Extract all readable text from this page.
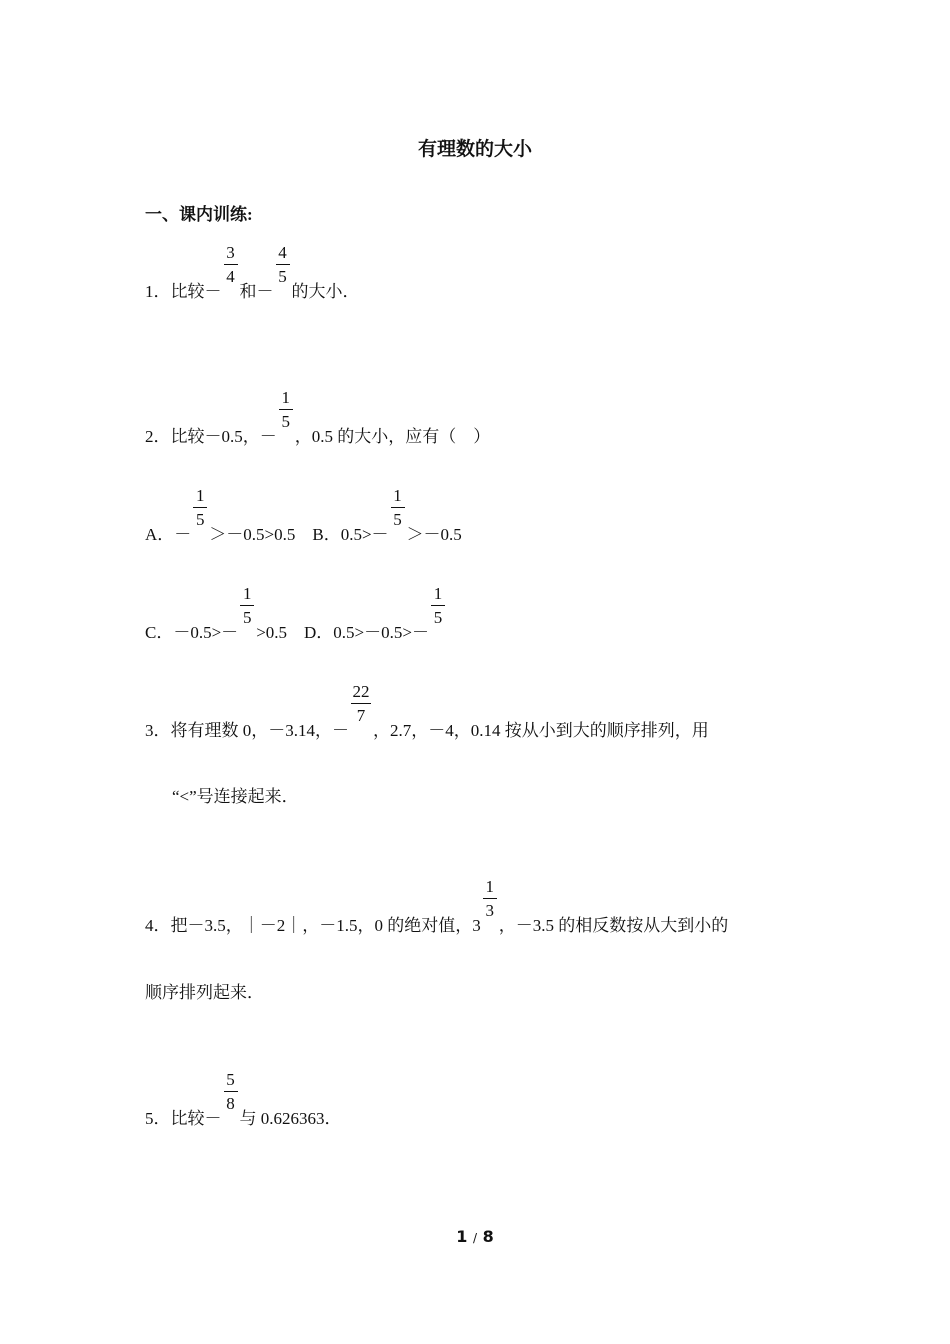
有理数的大小
一、课内训练:
1．比较－ $\frac{3}{4}$ 和－ $\frac{4}{5}$ 的大小．
2．比较－0.5，－ $\frac{1}{5}$ ，0.5 的大小，应有（　）
A．－ $\frac{1}{5} >-0.5>0.5$　B．$0.5>- \frac{1}{5} >-0.5$
C．$-0.5>- \frac{1}{5} >0.5$　D．$0.5>-0.5>- \frac{1}{5}$
3．将有理数 0，－3.14，－ $\frac{22}{7}$ ，2.7，－4，0.14 按从小到大的顺序排列，用
“<”号连接起来．
4．把－3.5，｜－2｜，－1.5，0 的绝对值，$3 \frac{1}{3}$ ，－3.5 的相反数按从大到小的
顺序排列起来．
5．比较－ $\frac{5}{8}$ 与 0.626363．
1 / 8
